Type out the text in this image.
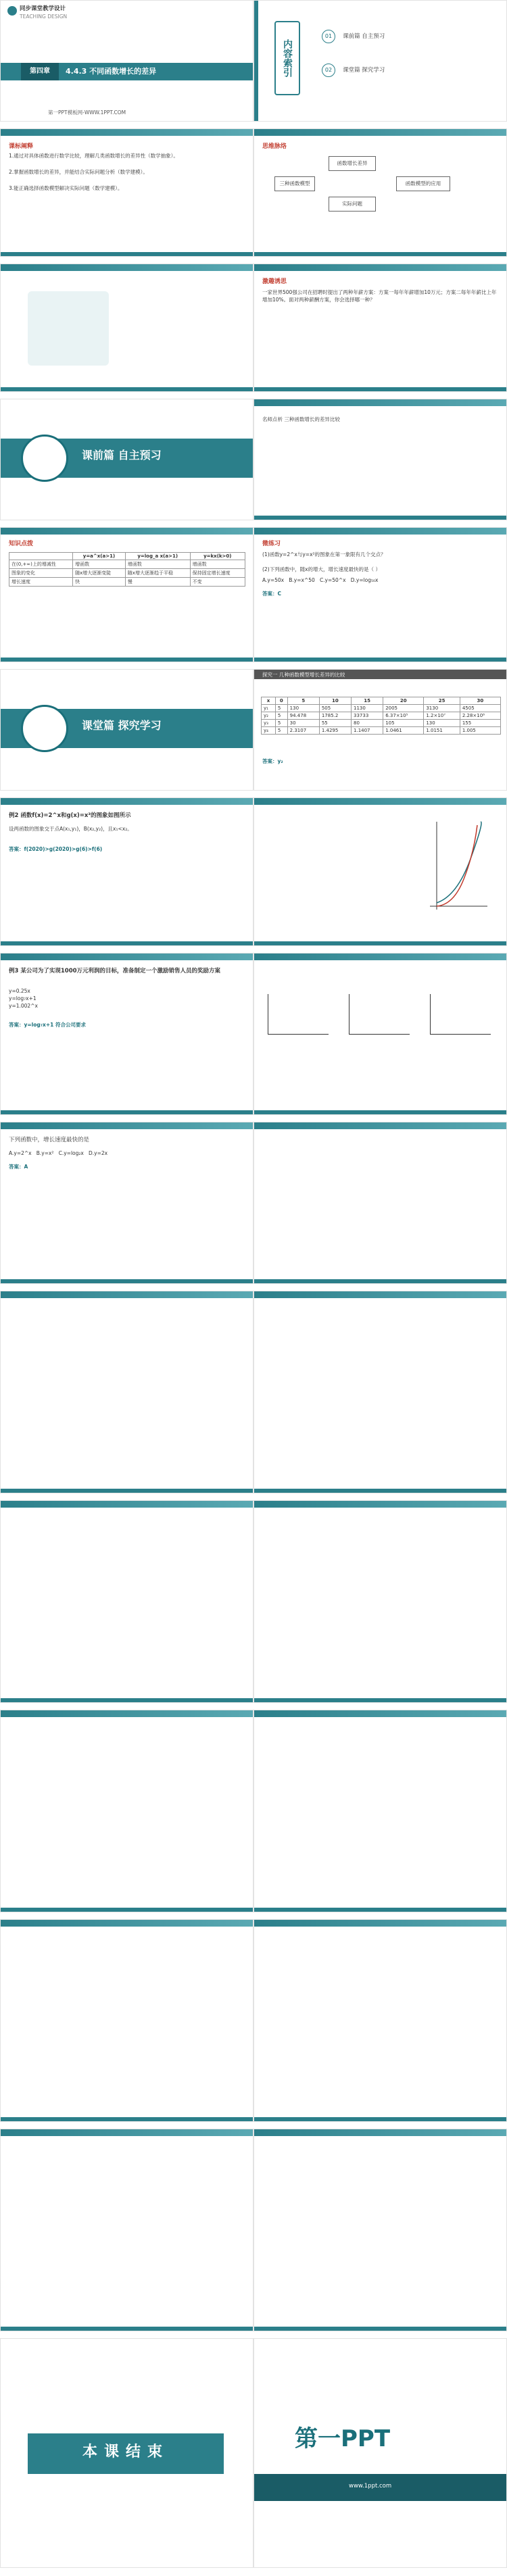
同步课堂教学设计
TEACHING DESIGN
第四章	4.4.3 不同函数增长的差异
第一PPT模板网-WWW.1PPT.COM
内容索引
01 课前篇 自主预习
02 课堂篇 探究学习
课标阐释
1.通过对具体函数进行数学比较，理解几类函数增长的差异性（数学抽象）。
2.掌握函数增长的差异，并能结合实际问题分析（数学建模）。
3.能正确选择函数模型解决实际问题（数学建模）。
思维脉络
三种函数模型
函数增长差异
实际问题
函数模型的应用
激趣诱思
一家世界500强公司在招聘时提出了两种年薪方案：方案一每年年薪增加10万元；方案二每年年薪比上年增加10%。面对两种薪酬方案，你会选择哪一种？
课前篇 自主预习
名师点析 三种函数增长的差异比较
知识点拨
	y=a^x(a>1)	y=log_a x(a>1)	y=kx(k>0)
在(0,+∞)上的增减性	增函数	增函数	增函数
图象的变化	随x增大逐渐变陡	随x增大逐渐趋于平稳	保持固定增长速度
增长速度	快	慢	不变
微练习
(1)函数y=2^x与y=x²的图象在第一象限有几个交点？
(2)下列函数中，随x的增大，增长速度最快的是（ ）
A.y=50x B.y=x^50 C.y=50^x D.y=log₅₀x
答案：C
课堂篇 探究学习
探究一 几种函数模型增长差异的比较
x	0	5	10	15	20	25	30
y₁	5	130	505	1130	2005	3130	4505
y₂	5	94.478	1785.2	33733	6.37×10⁵	1.2×10⁷	2.28×10⁸
y₃	5	30	55	80	105	130	155
y₄	5	2.3107	1.4295	1.1407	1.0461	1.0151	1.005
答案：y₂
例2 函数f(x)=2^x和g(x)=x³的图象如图所示
设两函数的图象交于点A(x₁,y₁)，B(x₂,y₂)，且x₁<x₂。
答案：f(2020)>g(2020)>g(6)>f(6)
例3 某公司为了实现1000万元利润的目标，准备制定一个激励销售人员的奖励方案
y=0.25x
y=log₇x+1
y=1.002^x
答案：y=log₇x+1 符合公司要求
下列函数中，增长速度最快的是
A.y=2^x B.y=x² C.y=log₂x D.y=2x
答案：A
本课结束	第一PPT
www.1ppt.com
